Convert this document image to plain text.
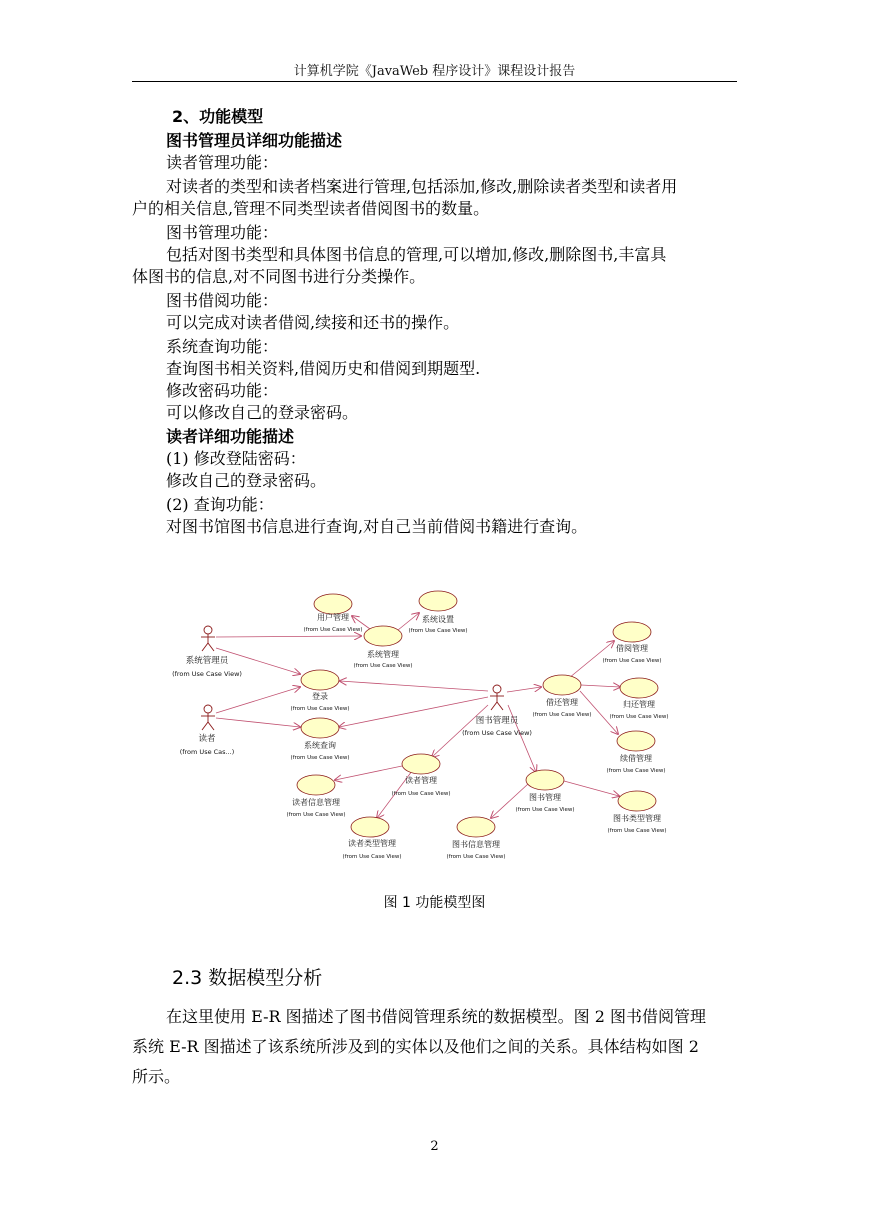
计算机学院《JavaWeb 程序设计》课程设计报告
2、功能模型
图书管理员详细功能描述
读者管理功能：
对读者的类型和读者档案进行管理,包括添加,修改,删除读者类型和读者用
户的相关信息,管理不同类型读者借阅图书的数量。
图书管理功能：
包括对图书类型和具体图书信息的管理,可以增加,修改,删除图书,丰富具
体图书的信息,对不同图书进行分类操作。
图书借阅功能：
可以完成对读者借阅,续接和还书的操作。
系统查询功能：
查询图书相关资料,借阅历史和借阅到期题型.
修改密码功能：
可以修改自己的登录密码。
读者详细功能描述
(1) 修改登陆密码：
修改自己的登录密码。
(2) 查询功能：
对图书馆图书信息进行查询,对自己当前借阅书籍进行查询。
系统管理员
(from Use Case View)
读者
(from Use Cas...)
图书管理员
(from Use Case View)
用户管理
(from Use Case View)
系统设置
(from Use Case View)
系统管理
(from Use Case View)
登录
(from Use Case View)
系统查询
(from Use Case View)
借阅管理
(from Use Case View)
借还管理
(from Use Case View)
归还管理
(from Use Case View)
续借管理
(from Use Case View)
读者管理
(from Use Case View)
读者信息管理
(from Use Case View)
读者类型管理
(from Use Case View)
图书管理
(from Use Case View)
图书信息管理
(from Use Case View)
图书类型管理
(from Use Case View)
图 1 功能模型图
2.3 数据模型分析
在这里使用 E-R 图描述了图书借阅管理系统的数据模型。图 2 图书借阅管理
系统 E-R 图描述了该系统所涉及到的实体以及他们之间的关系。具体结构如图 2
所示。
2
